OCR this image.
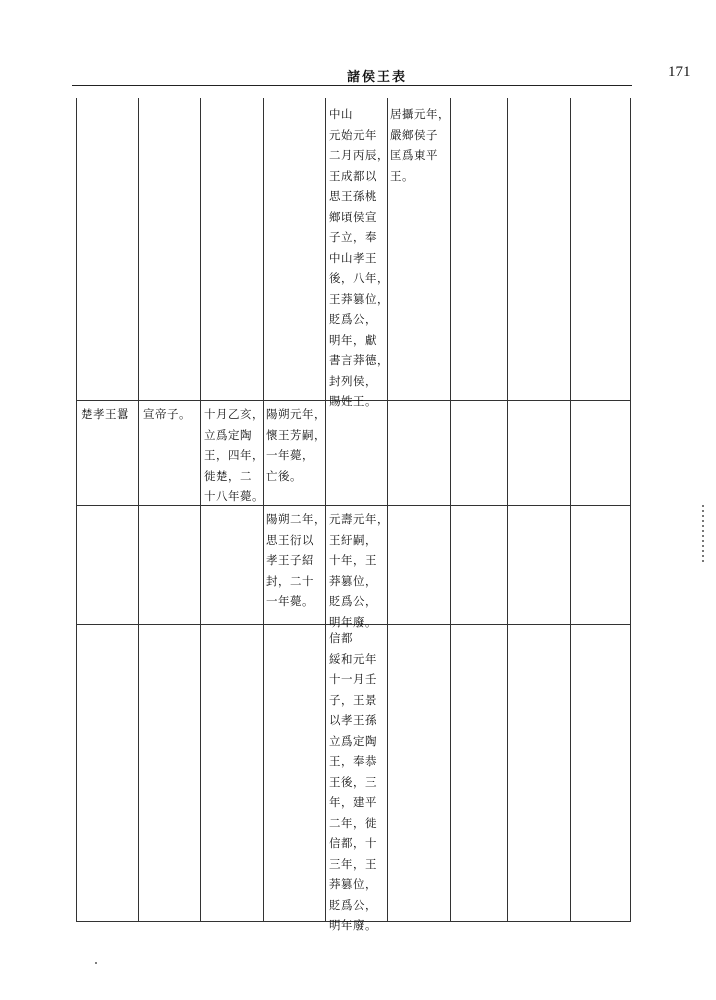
諸侯王表	171
中山
元始元年
二月丙辰，
王成都以
思王孫桃
鄉頃侯宣
子立，奉
中山孝王
後，八年，
王莽篡位，
貶爲公，
明年，獻
書言莽德，
封列侯，
賜姓王。
居攝元年，
嚴鄉侯子
匡爲東平
王。
楚孝王囂 宣帝子。 十月乙亥，
立爲定陶
王，四年，
徙楚，二
十八年薨。
陽朔元年，
懷王芳嗣，
一年薨，
亡後。
陽朔二年，
思王衍以
孝王子紹
封，二十
一年薨。
元壽元年，
王紆嗣，
十年，王
莽篡位，
貶爲公，
明年廢。
信都
綏和元年
十一月壬
子，王景
以孝王孫
立爲定陶
王，奉恭
王後，三
年，建平
二年，徙
信都，十
三年，王
莽篡位，
貶爲公，
明年廢。
